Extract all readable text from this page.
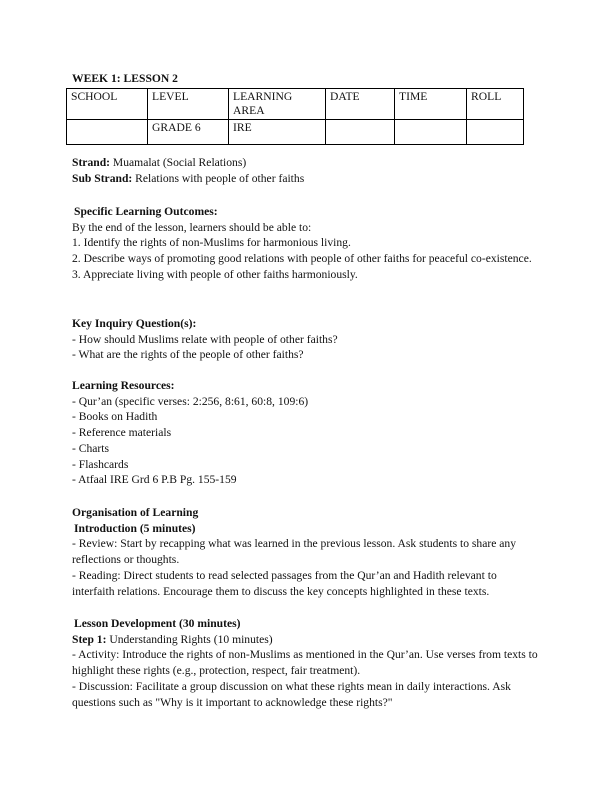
WEEK 1: LESSON 2
SCHOOL	LEVEL	LEARNING AREA	DATE	TIME	ROLL
	GRADE 6	IRE			
Strand: Muamalat (Social Relations)
Sub Strand: Relations with people of other faiths
Specific Learning Outcomes:
By the end of the lesson, learners should be able to:
1. Identify the rights of non-Muslims for harmonious living.
2. Describe ways of promoting good relations with people of other faiths for peaceful co-existence.
3. Appreciate living with people of other faiths harmoniously.
Key Inquiry Question(s):
- How should Muslims relate with people of other faiths?
- What are the rights of the people of other faiths?
Learning Resources:
- Qur’an (specific verses: 2:256, 8:61, 60:8, 109:6)
- Books on Hadith
- Reference materials
- Charts
- Flashcards
- Atfaal IRE Grd 6 P.B Pg. 155-159
Organisation of Learning
Introduction (5 minutes)
- Review: Start by recapping what was learned in the previous lesson. Ask students to share any reflections or thoughts.
- Reading: Direct students to read selected passages from the Qur’an and Hadith relevant to interfaith relations. Encourage them to discuss the key concepts highlighted in these texts.
Lesson Development (30 minutes)
Step 1: Understanding Rights (10 minutes)
- Activity: Introduce the rights of non-Muslims as mentioned in the Qur’an. Use verses from texts to highlight these rights (e.g., protection, respect, fair treatment).
- Discussion: Facilitate a group discussion on what these rights mean in daily interactions. Ask questions such as "Why is it important to acknowledge these rights?"
